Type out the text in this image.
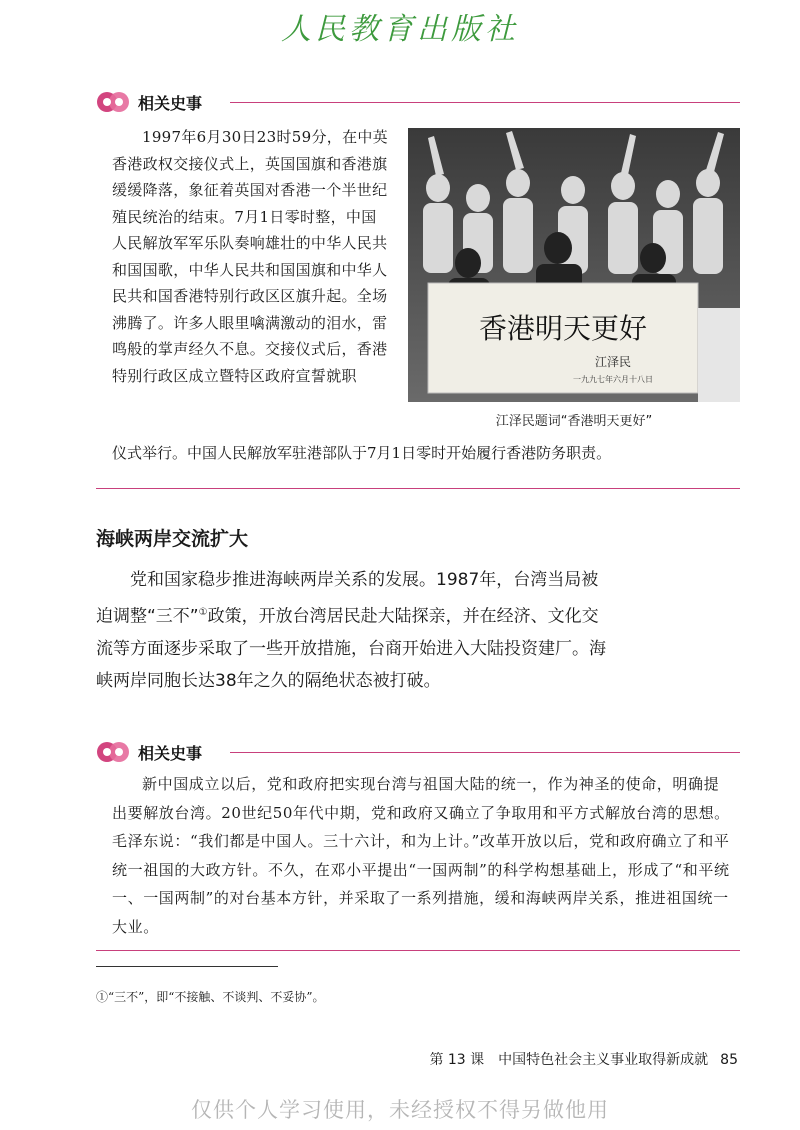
人民教育出版社
相关史事

1997年6月30日23时59分，在中英香港政权交接仪式上，英国国旗和香港旗缓缓降落，象征着英国对香港一个半世纪殖民统治的结束。7月1日零时整，中国人民解放军军乐队奏响雄壮的中华人民共和国国歌，中华人民共和国国旗和中华人民共和国香港特别行政区区旗升起。全场沸腾了。许多人眼里噙满激动的泪水，雷鸣般的掌声经久不息。交接仪式后，香港特别行政区成立暨特区政府宣誓就职

仪式举行。中国人民解放军驻港部队于7月1日零时开始履行香港防务职责。
香港明天更好
江泽民
一九九七年六月十八日
江泽民题词“香港明天更好”
海峡两岸交流扩大

党和国家稳步推进海峡两岸关系的发展。1987年，台湾当局被迫调整“三不”①政策，开放台湾居民赴大陆探亲，并在经济、文化交流等方面逐步采取了一些开放措施，台商开始进入大陆投资建厂。海峡两岸同胞长达38年之久的隔绝状态被打破。

相关史事

新中国成立以后，党和政府把实现台湾与祖国大陆的统一，作为神圣的使命，明确提出要解放台湾。20世纪50年代中期，党和政府又确立了争取用和平方式解放台湾的思想。毛泽东说：“我们都是中国人。三十六计，和为上计。”改革开放以后，党和政府确立了和平统一祖国的大政方针。不久，在邓小平提出“一国两制”的科学构想基础上，形成了“和平统一、一国两制”的对台基本方针，并采取了一系列措施，缓和海峡两岸关系，推进祖国统一大业。

①“三不”，即“不接触、不谈判、不妥协”。
第 13 课　中国特色社会主义事业取得新成就 85
仅供个人学习使用，未经授权不得另做他用
